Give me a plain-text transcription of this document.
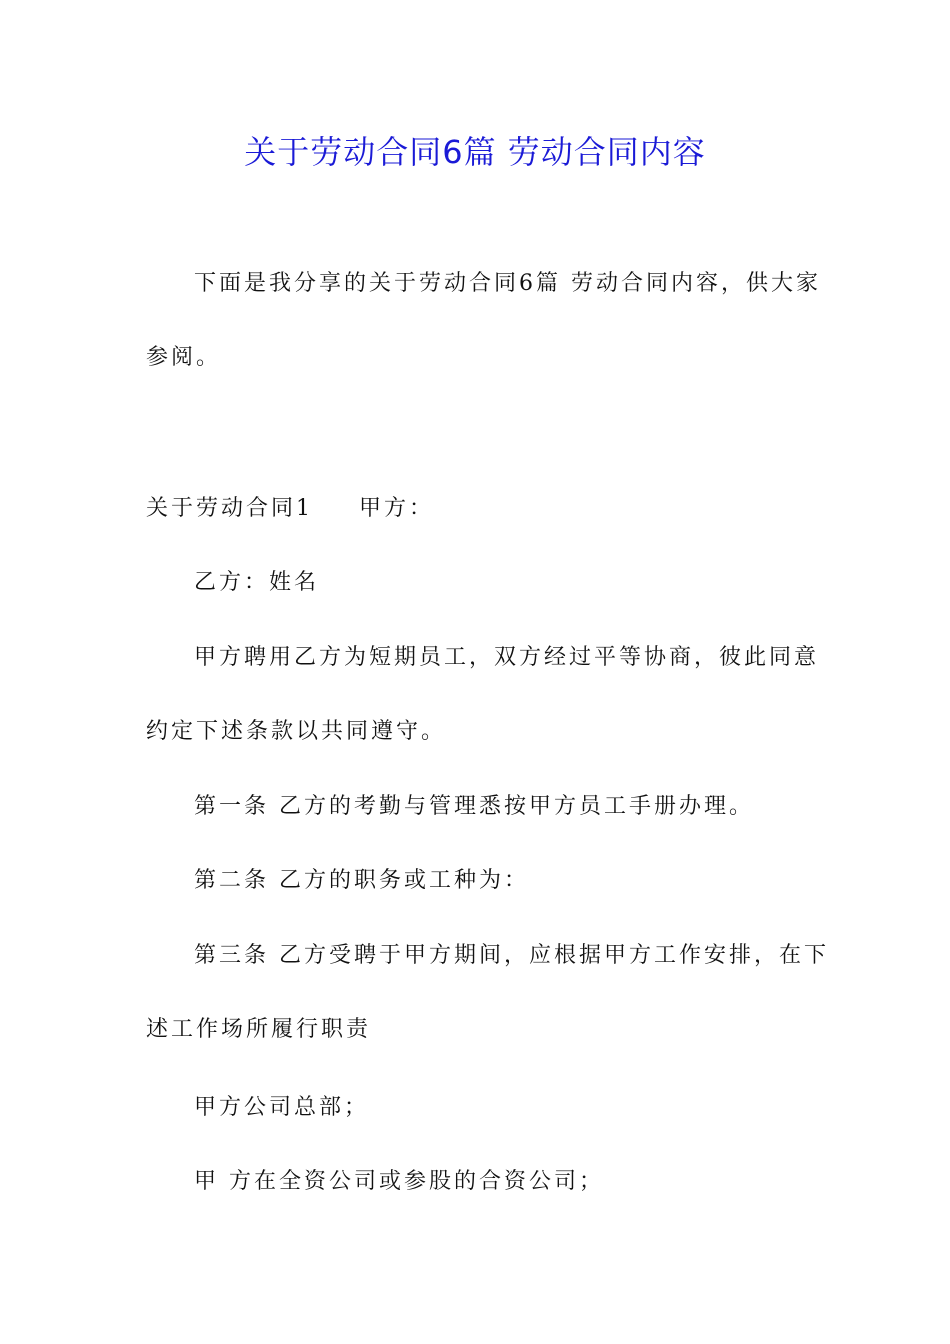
关于劳动合同6篇 劳动合同内容
下面是我分享的关于劳动合同6篇 劳动合同内容，供大家
参阅。
关于劳动合同1 甲方：
乙方：姓名
甲方聘用乙方为短期员工，双方经过平等协商，彼此同意
约定下述条款以共同遵守。
第一条 乙方的考勤与管理悉按甲方员工手册办理。
第二条 乙方的职务或工种为：
第三条 乙方受聘于甲方期间，应根据甲方工作安排，在下
述工作场所履行职责
甲方公司总部；
甲 方在全资公司或参股的合资公司；
